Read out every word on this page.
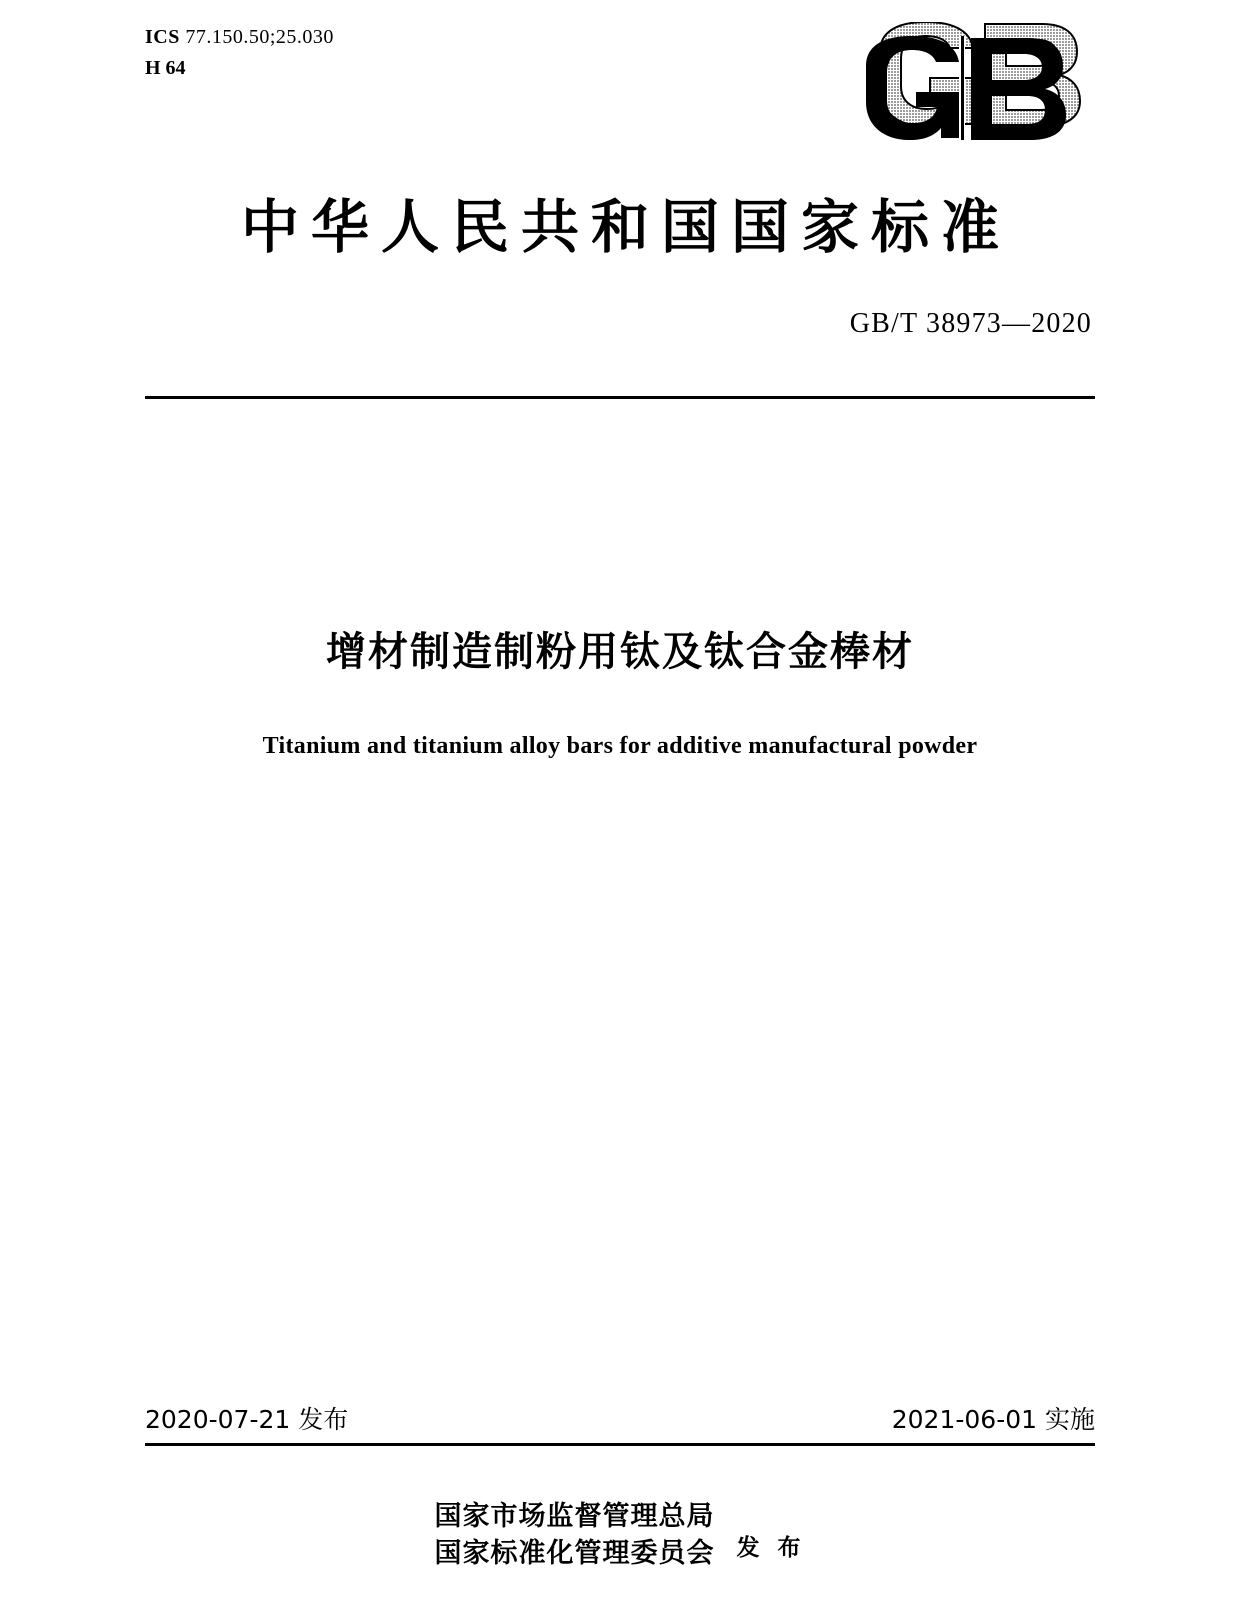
ICS 77.150.50;25.030
H 64
中华人民共和国国家标准
GB/T 38973—2020
增材制造制粉用钛及钛合金棒材
Titanium and titanium alloy bars for additive manufactural powder
2020-07-21 发布	2021-06-01 实施
国家市场监督管理总局
国家标准化管理委员会 发 布
